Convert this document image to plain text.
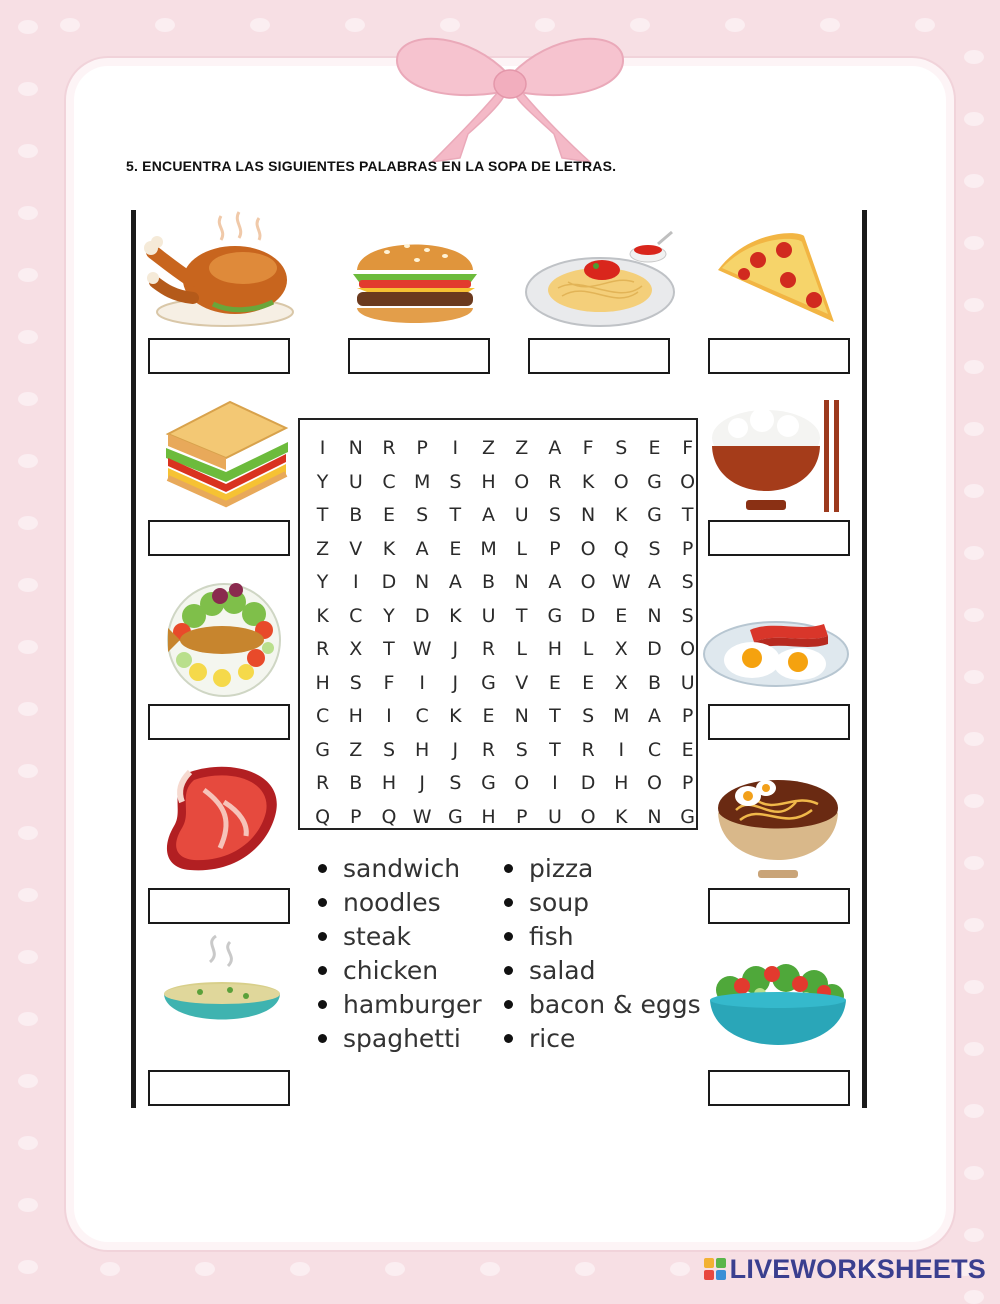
5. ENCUENTRA LAS SIGUIENTES PALABRAS EN LA SOPA DE LETRAS.
I	N	R	P	I	Z	Z	A	F	S	E	F
Y	U	C M S	H O	R	K	O G O
T	B	E	S	T	A	U	S	N	K	G	T
Z	V	K	A	E M	L	P	O Q	S	P
Y	I	D N	A	B	N	A	O W A	S
K	C	Y	D	K	U	T	G D	E	N	S
R	X	T W	J	R	L	H	L	X	D O
H	S	F	I	J	G	V	E	E	X	B	U
C	H	I	C	K	E	N	T	S M A	P
G	Z	S	H	J	R	S	T	R	I	C	E
R	B	H	J	S	G O	I	D H O	P
Q	P	Q W G H	P	U O	K	N G
sandwich
noodles
steak
chicken
hamburger
spaghetti
pizza
soup
fish
salad
bacon & eggs
rice
LIVEWORKSHEETS
